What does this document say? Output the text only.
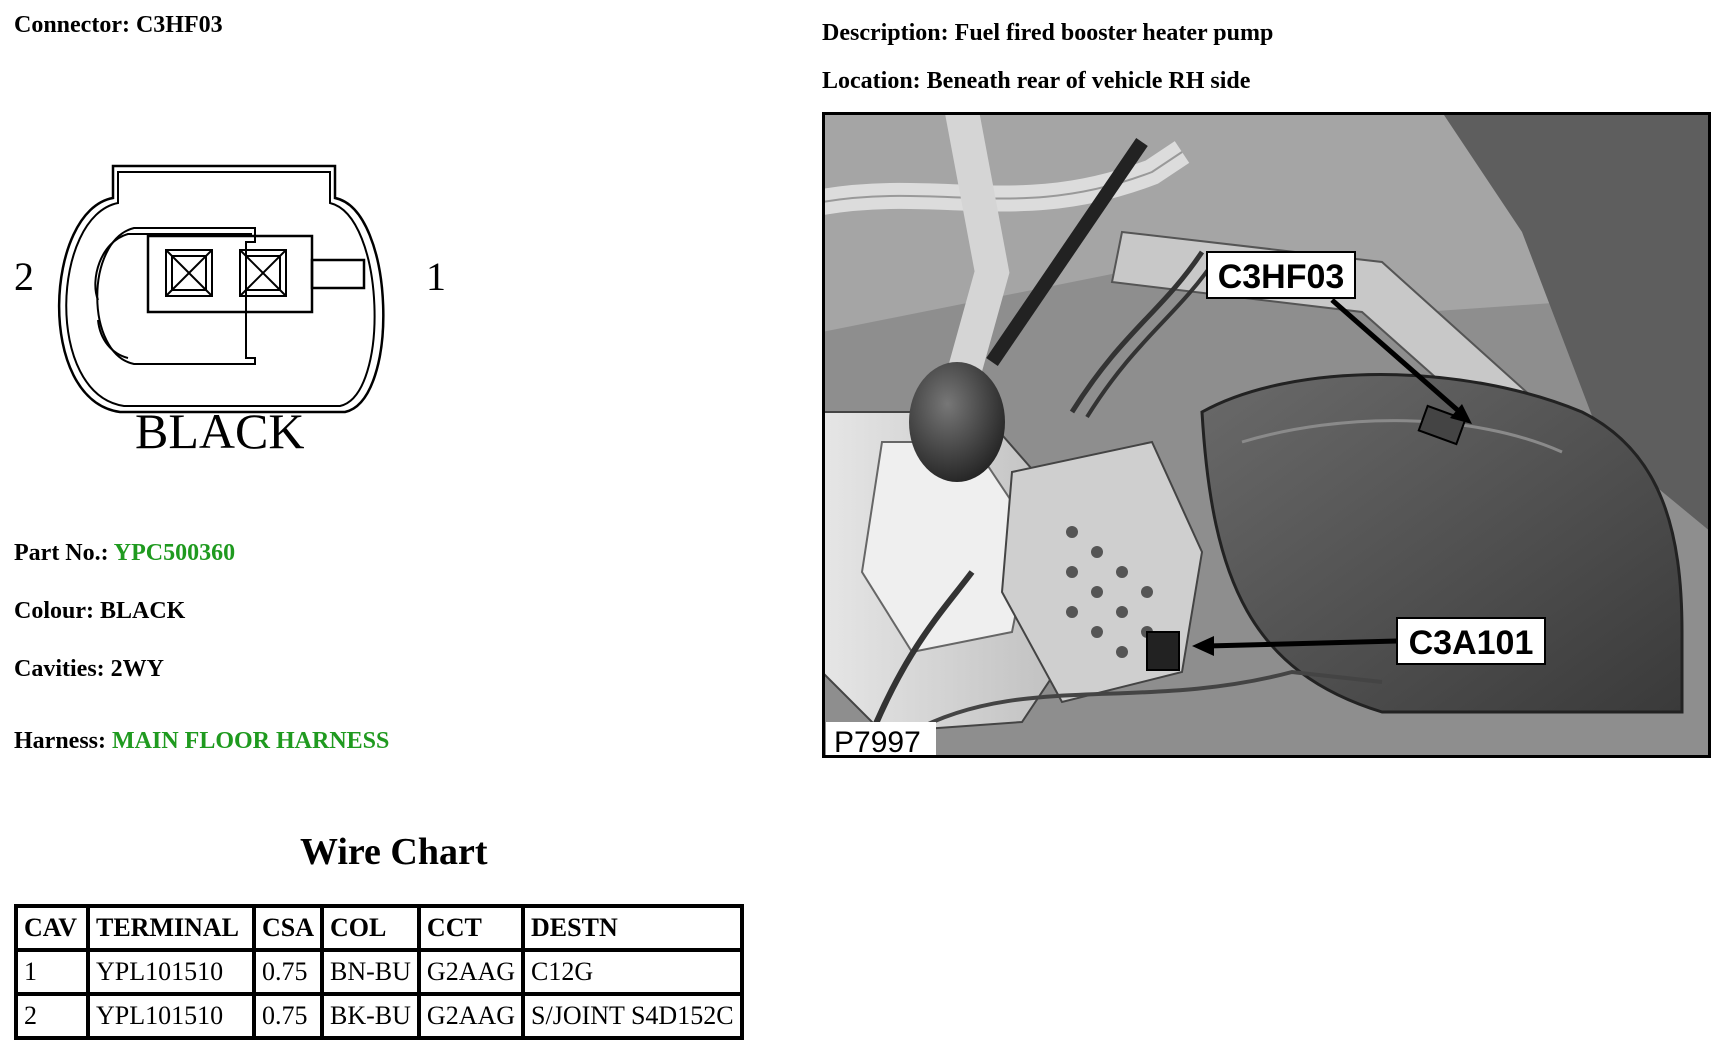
Connector: C3HF03	Description: Fuel fired booster heater pump
Location: Beneath rear of vehicle RH side
2	1
BLACK
Part No.: YPC500360
Colour: BLACK
Cavities: 2WY
Harness: MAIN FLOOR HARNESS
Wire Chart
CAV	TERMINAL	CSA	COL	CCT	DESTN
1	YPL101510	0.75	BN-BU	G2AAG	C12G
2	YPL101510	0.75	BK-BU	G2AAG	S/JOINT S4D152C
C3HF03
C3A101
P7997
